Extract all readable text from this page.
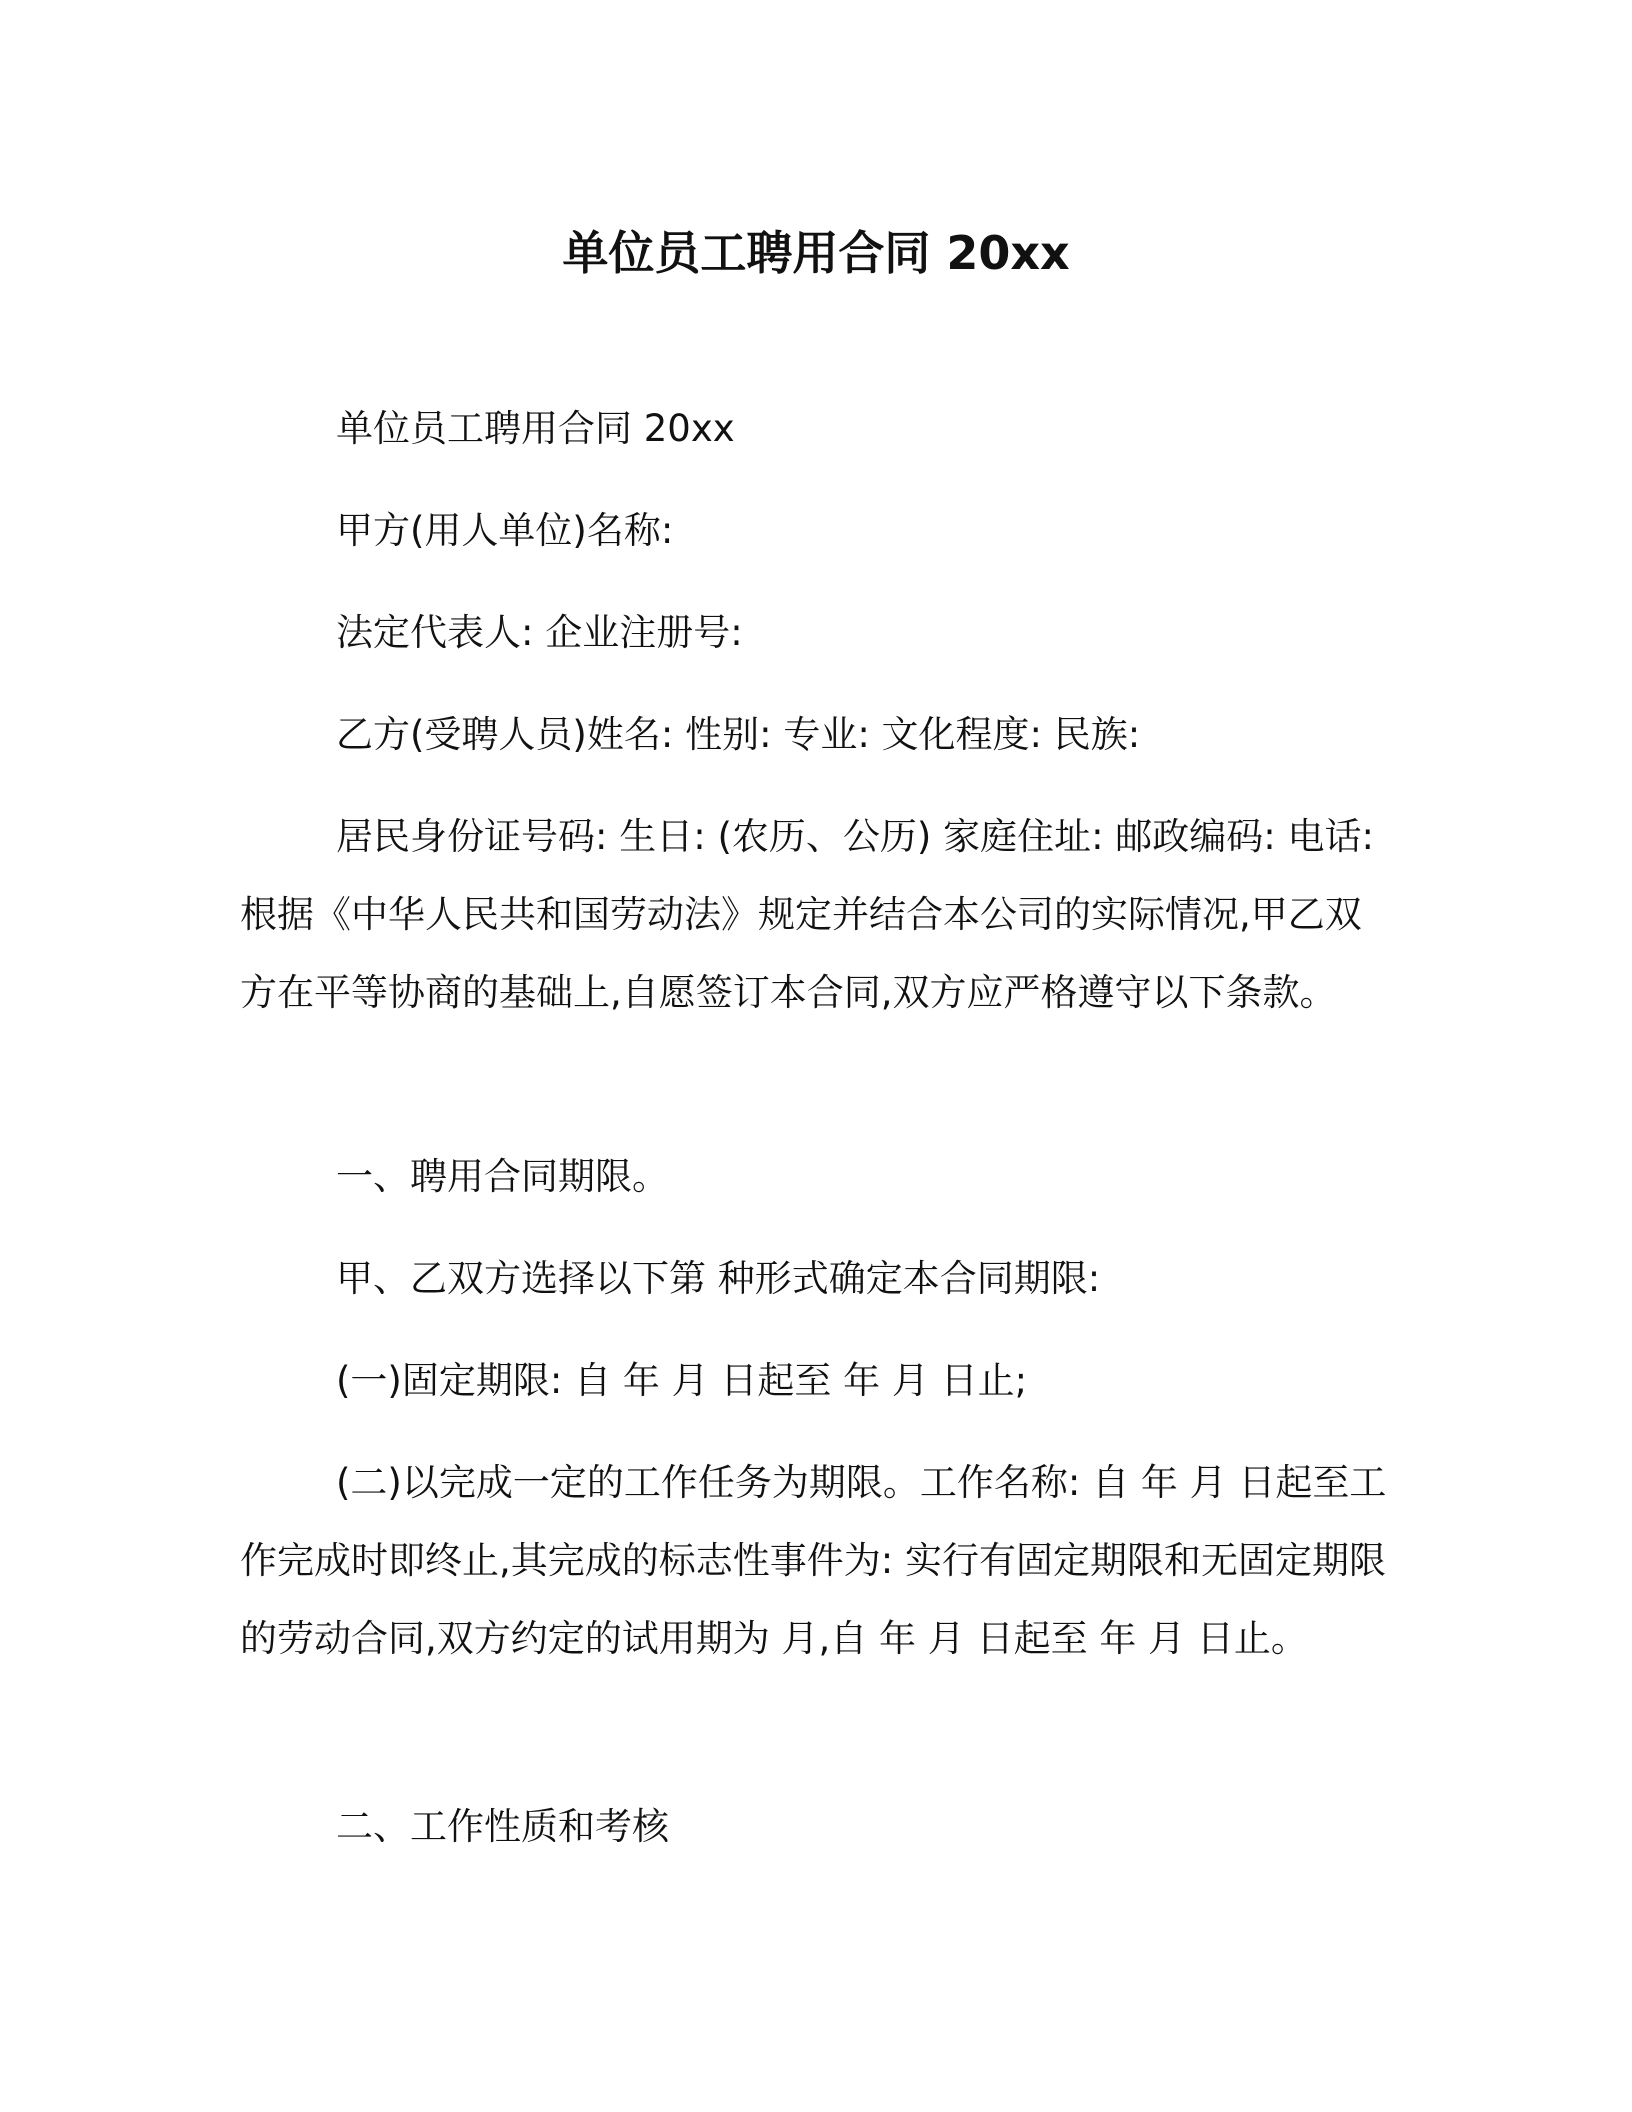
单位员工聘用合同 20xx

单位员工聘用合同 20xx

甲方(用人单位)名称:

法定代表人: 企业注册号:

乙方(受聘人员)姓名: 性别: 专业: 文化程度: 民族:

居民身份证号码: 生日: (农历、公历) 家庭住址: 邮政编码: 电话: 根据《中华人民共和国劳动法》规定并结合本公司的实际情况,甲乙双方在平等协商的基础上,自愿签订本合同,双方应严格遵守以下条款。

一、聘用合同期限。

甲、乙双方选择以下第 种形式确定本合同期限:

(一)固定期限: 自 年 月 日起至 年 月 日止;

(二)以完成一定的工作任务为期限。工作名称: 自 年 月 日起至工作完成时即终止,其完成的标志性事件为: 实行有固定期限和无固定期限的劳动合同,双方约定的试用期为 月,自 年 月 日起至 年 月 日止。

二、工作性质和考核
